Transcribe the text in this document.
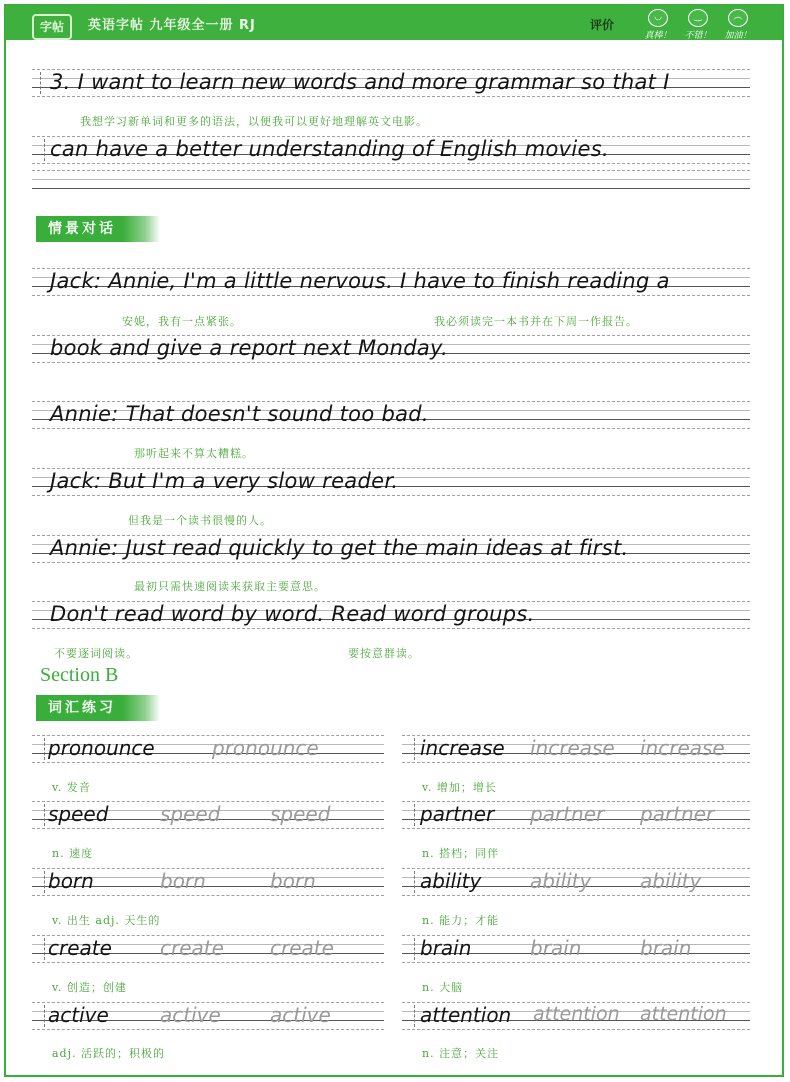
字帖	英语字帖 九年级全一册 RJ	评价
◡
真棒！
‿
不错！
︵
加油！
3. I want to learn new words and more grammar so that I
我想学习新单词和更多的语法，以便我可以更好地理解英文电影。
can have a better understanding of English movies.
情景对话
Jack: Annie, I'm a little nervous. I have to finish reading a
安妮，我有一点紧张。	我必须读完一本书并在下周一作报告。
book and give a report next Monday.
Annie: That doesn't sound too bad.
那听起来不算太糟糕。
Jack: But I'm a very slow reader.
但我是一个读书很慢的人。
Annie: Just read quickly to get the main ideas at first.
最初只需快速阅读来获取主要意思。
Don't read word by word. Read word groups.
不要逐词阅读。	要按意群读。
Section B
词汇练习
pronounce	pronounce
v. 发音
speed	speed speed
n. 速度
born	born	born
v. 出生 adj. 天生的
create create create
v. 创造；创建
active	active active
adj. 活跃的；积极的
increase increase increase
v. 增加；增长
partner partner partner
n. 搭档；同伴
ability ability ability
n. 能力；才能
brain	brain	brain
n. 大脑
attention attention attention
n. 注意；关注
